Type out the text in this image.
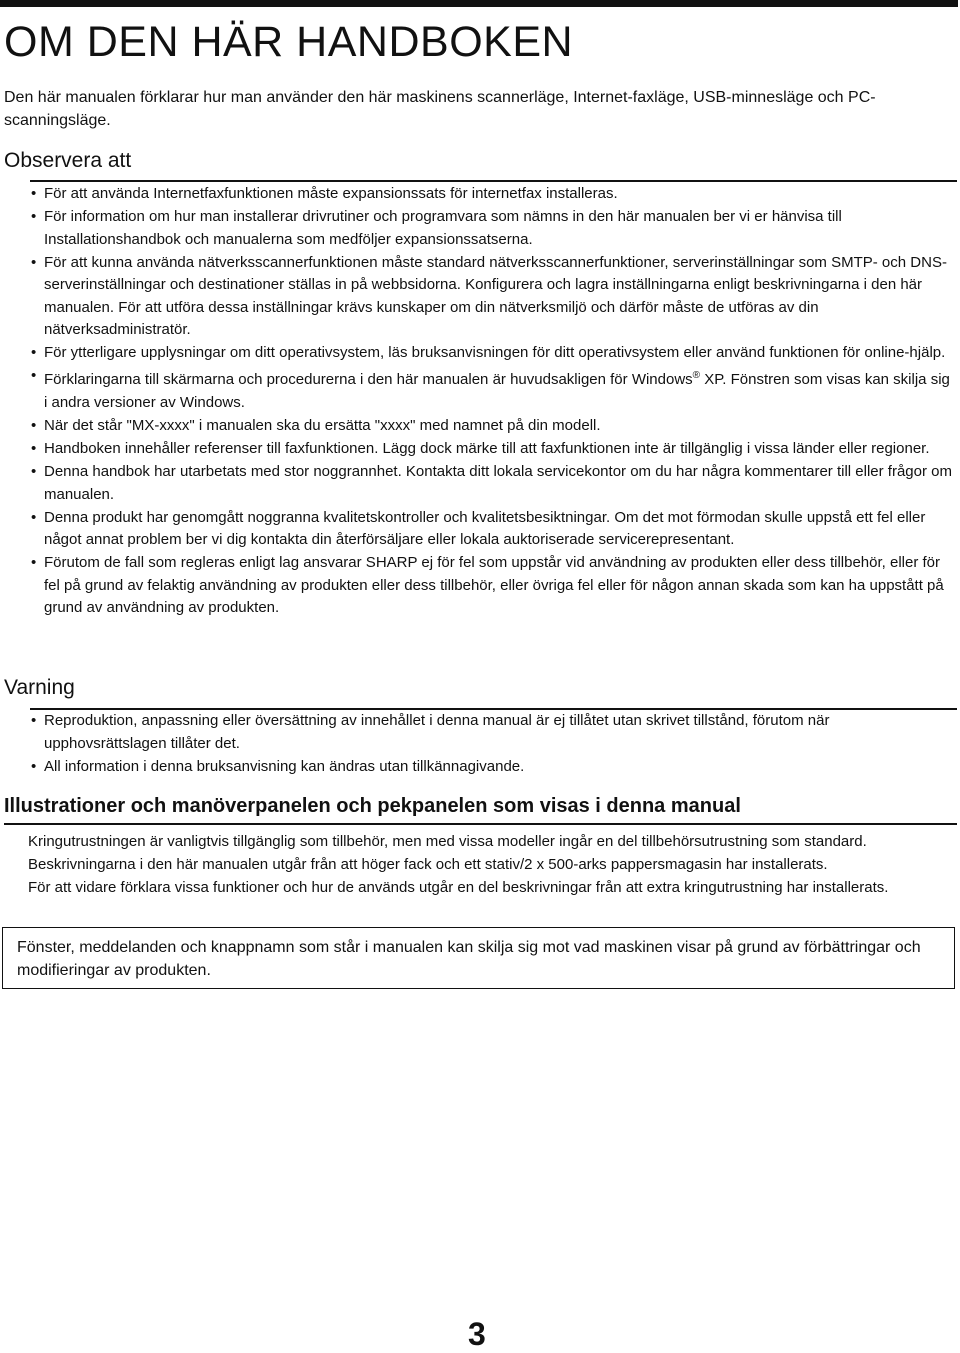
OM DEN HÄR HANDBOKEN

Den här manualen förklarar hur man använder den här maskinens scannerläge, Internet-faxläge, USB-minnesläge och PC-scanningsläge.

Observera att
• För att använda Internetfaxfunktionen måste expansionssats för internetfax installeras.
• För information om hur man installerar drivrutiner och programvara som nämns in den här manualen ber vi er hänvisa till Installationshandbok och manualerna som medföljer expansionssatserna.
• För att kunna använda nätverksscannerfunktionen måste standard nätverksscannerfunktioner, serverinställningar som SMTP- och DNS-serverinställningar och destinationer ställas in på webbsidorna. Konfigurera och lagra inställningarna enligt beskrivningarna i den här manualen. För att utföra dessa inställningar krävs kunskaper om din nätverksmiljö och därför måste de utföras av din nätverksadministratör.
• För ytterligare upplysningar om ditt operativsystem, läs bruksanvisningen för ditt operativsystem eller använd funktionen för online-hjälp.
• Förklaringarna till skärmarna och procedurerna i den här manualen är huvudsakligen för Windows® XP. Fönstren som visas kan skilja sig i andra versioner av Windows.
• När det står "MX-xxxx" i manualen ska du ersätta "xxxx" med namnet på din modell.
• Handboken innehåller referenser till faxfunktionen. Lägg dock märke till att faxfunktionen inte är tillgänglig i vissa länder eller regioner.
• Denna handbok har utarbetats med stor noggrannhet. Kontakta ditt lokala servicekontor om du har några kommentarer till eller frågor om manualen.
• Denna produkt har genomgått noggranna kvalitetskontroller och kvalitetsbesiktningar. Om det mot förmodan skulle uppstå ett fel eller något annat problem ber vi dig kontakta din återförsäljare eller lokala auktoriserade servicerepresentant.
• Förutom de fall som regleras enligt lag ansvarar SHARP ej för fel som uppstår vid användning av produkten eller dess tillbehör, eller för fel på grund av felaktig användning av produkten eller dess tillbehör, eller övriga fel eller för någon annan skada som kan ha uppstått på grund av användning av produkten.
Varning
• Reproduktion, anpassning eller översättning av innehållet i denna manual är ej tillåtet utan skrivet tillstånd, förutom när upphovsrättslagen tillåter det.
• All information i denna bruksanvisning kan ändras utan tillkännagivande.
Illustrationer och manöverpanelen och pekpanelen som visas i denna manual

Kringutrustningen är vanligtvis tillgänglig som tillbehör, men med vissa modeller ingår en del tillbehörsutrustning som standard.

Beskrivningarna i den här manualen utgår från att höger fack och ett stativ/2 x 500-arks pappersmagasin har installerats.

För att vidare förklara vissa funktioner och hur de används utgår en del beskrivningar från att extra kringutrustning har installerats.

Fönster, meddelanden och knappnamn som står i manualen kan skilja sig mot vad maskinen visar på grund av förbättringar och modifieringar av produkten.

3
